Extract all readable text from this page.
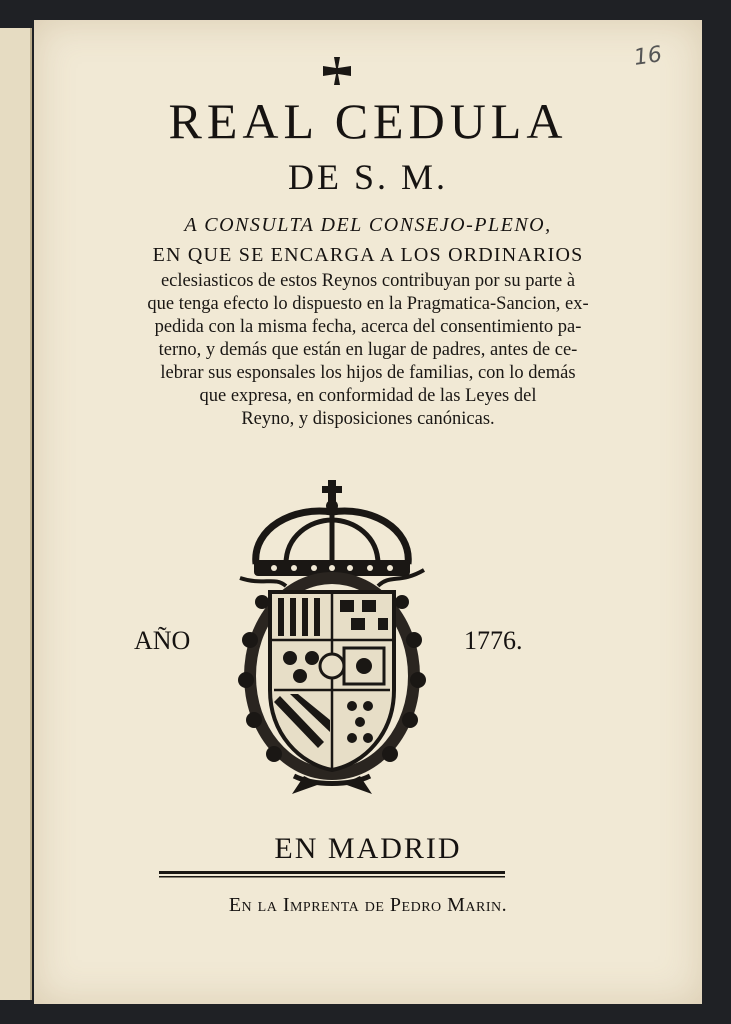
16
REAL CEDULA
DE S. M.
A CONSULTA DEL CONSEJO-PLENO,
EN QUE SE ENCARGA A LOS ORDINARIOS
eclesiasticos de estos Reynos contribuyan por su parte à
que tenga efecto lo dispuesto en la Pragmatica-Sancion, ex-
pedida con la misma fecha, acerca del consentimiento pa-
terno, y demás que están en lugar de padres, antes de ce-
lebrar sus esponsales los hijos de familias, con lo demás
que expresa, en conformidad de las Leyes del
Reyno, y disposiciones canónicas.
AÑO	1776.
EN MADRID
En la Imprenta de Pedro Marin.
